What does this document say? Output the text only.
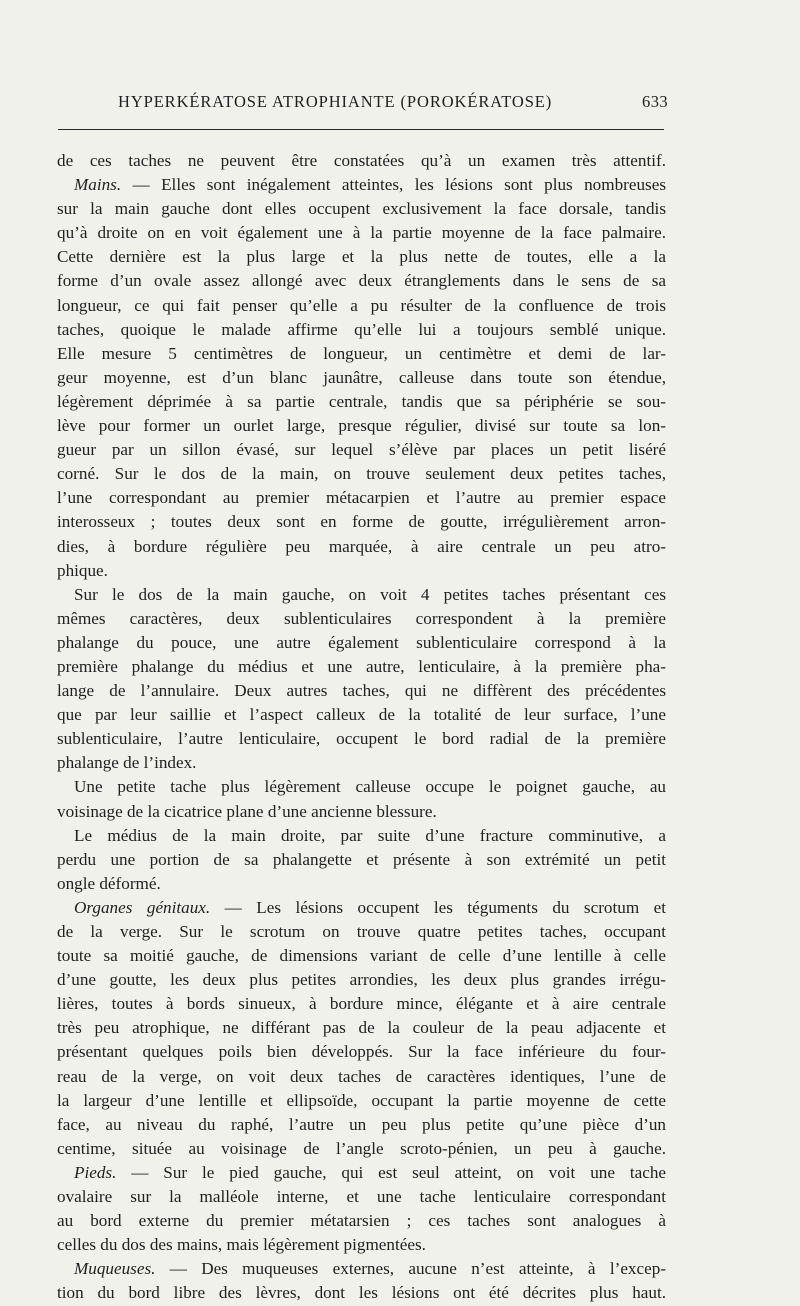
HYPERKÉRATOSE ATROPHIANTE (POROKÉRATOSE)	633
de ces taches ne peuvent être constatées qu’à un examen très attentif.
Mains. — Elles sont inégalement atteintes, les lésions sont plus nombreuses
sur la main gauche dont elles occupent exclusivement la face dorsale, tandis
qu’à droite on en voit également une à la partie moyenne de la face palmaire.
Cette dernière est la plus large et la plus nette de toutes, elle a la
forme d’un ovale assez allongé avec deux étranglements dans le sens de sa
longueur, ce qui fait penser qu’elle a pu résulter de la confluence de trois
taches, quoique le malade affirme qu’elle lui a toujours semblé unique.
Elle mesure 5 centimètres de longueur, un centimètre et demi de lar-
geur moyenne, est d’un blanc jaunâtre, calleuse dans toute son étendue,
légèrement déprimée à sa partie centrale, tandis que sa périphérie se sou-
lève pour former un ourlet large, presque régulier, divisé sur toute sa lon-
gueur par un sillon évasé, sur lequel s’élève par places un petit liséré
corné. Sur le dos de la main, on trouve seulement deux petites taches,
l’une correspondant au premier métacarpien et l’autre au premier espace
interosseux ; toutes deux sont en forme de goutte, irrégulièrement arron-
dies, à bordure régulière peu marquée, à aire centrale un peu atro-
phique.
Sur le dos de la main gauche, on voit 4 petites taches présentant ces
mêmes caractères, deux sublenticulaires correspondent à la première
phalange du pouce, une autre également sublenticulaire correspond à la
première phalange du médius et une autre, lenticulaire, à la première pha-
lange de l’annulaire. Deux autres taches, qui ne diffèrent des précédentes
que par leur saillie et l’aspect calleux de la totalité de leur surface, l’une
sublenticulaire, l’autre lenticulaire, occupent le bord radial de la première
phalange de l’index.
Une petite tache plus légèrement calleuse occupe le poignet gauche, au
voisinage de la cicatrice plane d’une ancienne blessure.
Le médius de la main droite, par suite d’une fracture comminutive, a
perdu une portion de sa phalangette et présente à son extrémité un petit
ongle déformé.
Organes génitaux. — Les lésions occupent les téguments du scrotum et
de la verge. Sur le scrotum on trouve quatre petites taches, occupant
toute sa moitié gauche, de dimensions variant de celle d’une lentille à celle
d’une goutte, les deux plus petites arrondies, les deux plus grandes irrégu-
lières, toutes à bords sinueux, à bordure mince, élégante et à aire centrale
très peu atrophique, ne différant pas de la couleur de la peau adjacente et
présentant quelques poils bien développés. Sur la face inférieure du four-
reau de la verge, on voit deux taches de caractères identiques, l’une de
la largeur d’une lentille et ellipsoïde, occupant la partie moyenne de cette
face, au niveau du raphé, l’autre un peu plus petite qu’une pièce d’un
centime, située au voisinage de l’angle scroto-pénien, un peu à gauche.
Pieds. — Sur le pied gauche, qui est seul atteint, on voit une tache
ovalaire sur la malléole interne, et une tache lenticulaire correspondant
au bord externe du premier métatarsien ; ces taches sont analogues à
celles du dos des mains, mais légèrement pigmentées.
Muqueuses. — Des muqueuses externes, aucune n’est atteinte, à l’excep-
tion du bord libre des lèvres, dont les lésions ont été décrites plus haut.
